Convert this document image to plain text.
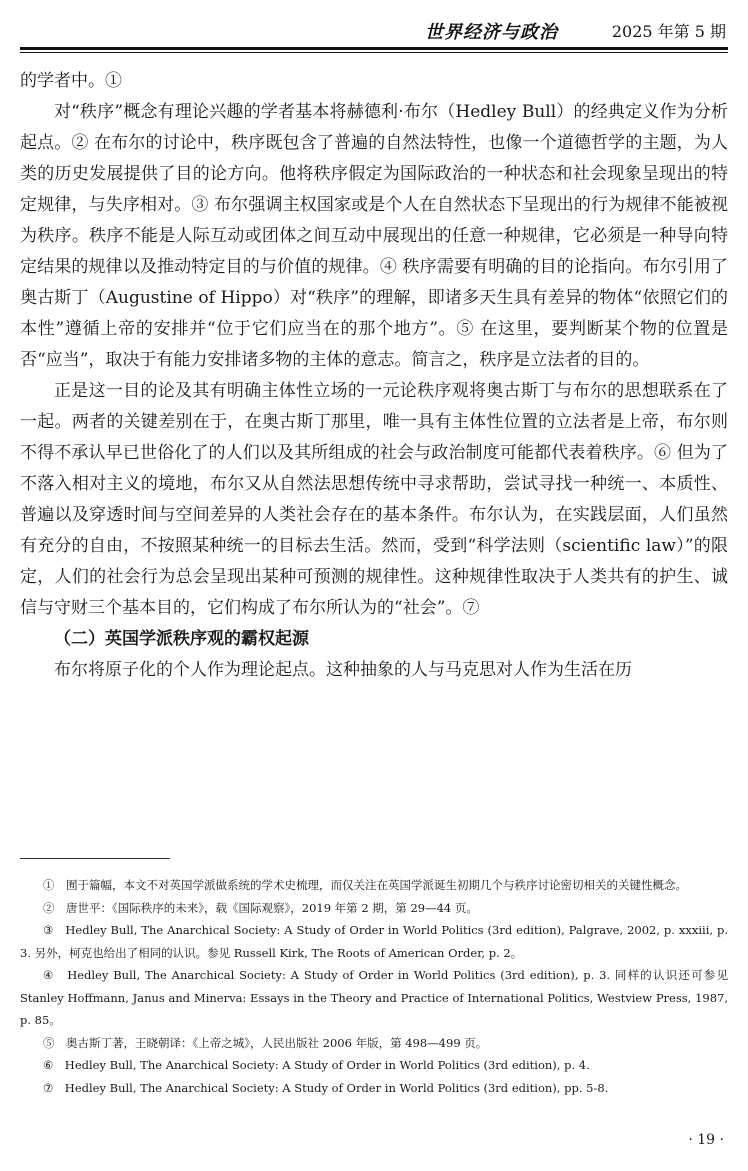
世界经济与政治	2025 年第 5 期

的学者中。①

对“秩序”概念有理论兴趣的学者基本将赫德利·布尔（Hedley Bull）的经典定义作为分析起点。② 在布尔的讨论中，秩序既包含了普遍的自然法特性，也像一个道德哲学的主题，为人类的历史发展提供了目的论方向。他将秩序假定为国际政治的一种状态和社会现象呈现出的特定规律，与失序相对。③ 布尔强调主权国家或是个人在自然状态下呈现出的行为规律不能被视为秩序。秩序不能是人际互动或团体之间互动中展现出的任意一种规律，它必须是一种导向特定结果的规律以及推动特定目的与价值的规律。④ 秩序需要有明确的目的论指向。布尔引用了奥古斯丁（Augustine of Hippo）对“秩序”的理解，即诸多天生具有差异的物体“依照它们的本性”遵循上帝的安排并“位于它们应当在的那个地方”。⑤ 在这里，要判断某个物的位置是否“应当”，取决于有能力安排诸多物的主体的意志。简言之，秩序是立法者的目的。

正是这一目的论及其有明确主体性立场的一元论秩序观将奥古斯丁与布尔的思想联系在了一起。两者的关键差别在于，在奥古斯丁那里，唯一具有主体性位置的立法者是上帝，布尔则不得不承认早已世俗化了的人们以及其所组成的社会与政治制度可能都代表着秩序。⑥ 但为了不落入相对主义的境地，布尔又从自然法思想传统中寻求帮助，尝试寻找一种统一、本质性、普遍以及穿透时间与空间差异的人类社会存在的基本条件。布尔认为，在实践层面，人们虽然有充分的自由，不按照某种统一的目标去生活。然而，受到“科学法则（scientific law）”的限定，人们的社会行为总会呈现出某种可预测的规律性。这种规律性取决于人类共有的护生、诚信与守财三个基本目的，它们构成了布尔所认为的“社会”。⑦

（二）英国学派秩序观的霸权起源

布尔将原子化的个人作为理论起点。这种抽象的人与马克思对人作为生活在历

①　囿于篇幅，本文不对英国学派做系统的学术史梳理，而仅关注在英国学派诞生初期几个与秩序讨论密切相关的关键性概念。

②　唐世平：《国际秩序的未来》，载《国际观察》，2019 年第 2 期，第 29—44 页。

③　Hedley Bull, The Anarchical Society: A Study of Order in World Politics (3rd edition), Palgrave, 2002, p. xxxiii, p. 3. 另外，柯克也给出了相同的认识。参见 Russell Kirk, The Roots of American Order, p. 2。

④　Hedley Bull, The Anarchical Society: A Study of Order in World Politics (3rd edition), p. 3. 同样的认识还可参见 Stanley Hoffmann, Janus and Minerva: Essays in the Theory and Practice of International Politics, Westview Press, 1987, p. 85。

⑤　奥古斯丁著，王晓朝译：《上帝之城》，人民出版社 2006 年版，第 498—499 页。

⑥　Hedley Bull, The Anarchical Society: A Study of Order in World Politics (3rd edition), p. 4.

⑦　Hedley Bull, The Anarchical Society: A Study of Order in World Politics (3rd edition), pp. 5-8.

· 19 ·
